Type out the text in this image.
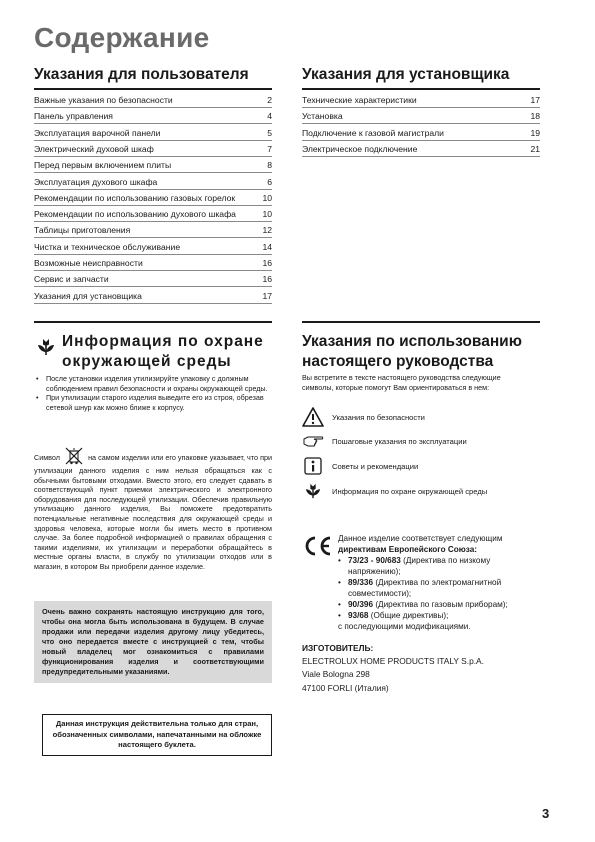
Содержание
Указания для пользователя
Важные указания по безопасности	2
Панель управления	4
Эксплуатация варочной панели	5
Электрический духовой шкаф	7
Перед первым включением плиты	8
Эксплуатация духового шкафа	6
Рекомендации по использованию газовых горелок	10
Рекомендации по использованию духового шкафа	10
Таблицы приготовления	12
Чистка и техническое обслуживание	14
Возможные неисправности	16
Сервис и запчасти	16
Указания для установщика	17
Указания для установщика
Технические характеристики	17
Установка	18
Подключение к газовой магистрали	19
Электрическое подключение	21
Информация по охране
окружающей среды
• После установки изделия утилизируйте упаковку с должным соблюдением правил безопасности и охраны окружающей среды.
• При утилизации старого изделия выведите его из строя, обрезав сетевой шнур как можно ближе к корпусу.
Символ	на самом изделии или его упаковке указывает, что при утилизации данного изделия с ним нельзя обращаться как с обычными бытовыми отходами. Вместо этого, его следует сдавать в соответствующий пункт приемки электрического и электронного оборудования для последующей утилизации. Обеспечив правильную утилизацию данного изделия, Вы поможете предотвратить потенциальные негативные последствия для окружающей среды и здоровья человека, которые могли бы иметь место в противном случае. За более подробной информацией о правилах обращения с такими изделиями, их утилизации и переработки обращайтесь в местные органы власти, в службу по утилизации отходов или в магазин, в котором Вы приобрели данное изделие.
Очень важно сохранять настоящую инструкцию для того, чтобы она могла быть использована в будущем. В случае продажи или передачи изделия другому лицу убедитесь, что оно передается вместе с инструкцией с тем, чтобы новый владелец мог ознакомиться с правилами функционирования изделия и соответствующими предупредительными указаниями.
Данная инструкция действительна только для стран, обозначенных символами, напечатанными на обложке настоящего буклета.
Указания по использованию
настоящего руководства
Вы встретите в тексте настоящего руководства следующие символы, которые помогут Вам ориентироваться в нем:
Указания по безопасности
Пошаговые указания по эксплуатации
Советы и рекомендации
Информация по охране окружающей среды
Данное изделие соответствует следующим
директивам Европейского Союза:
• 73/23 - 90/683 (Директива по низкому напряжению);
• 89/336 (Директива по электромагнитной совместимости);
• 90/396 (Директива по газовым приборам);
• 93/68 (Общие директивы);
с последующими модификациями.
ИЗГОТОВИТЕЛЬ:
ELECTROLUX HOME PRODUCTS ITALY S.p.A.
Viale Bologna 298
47100 FORLI (Италия)
3
